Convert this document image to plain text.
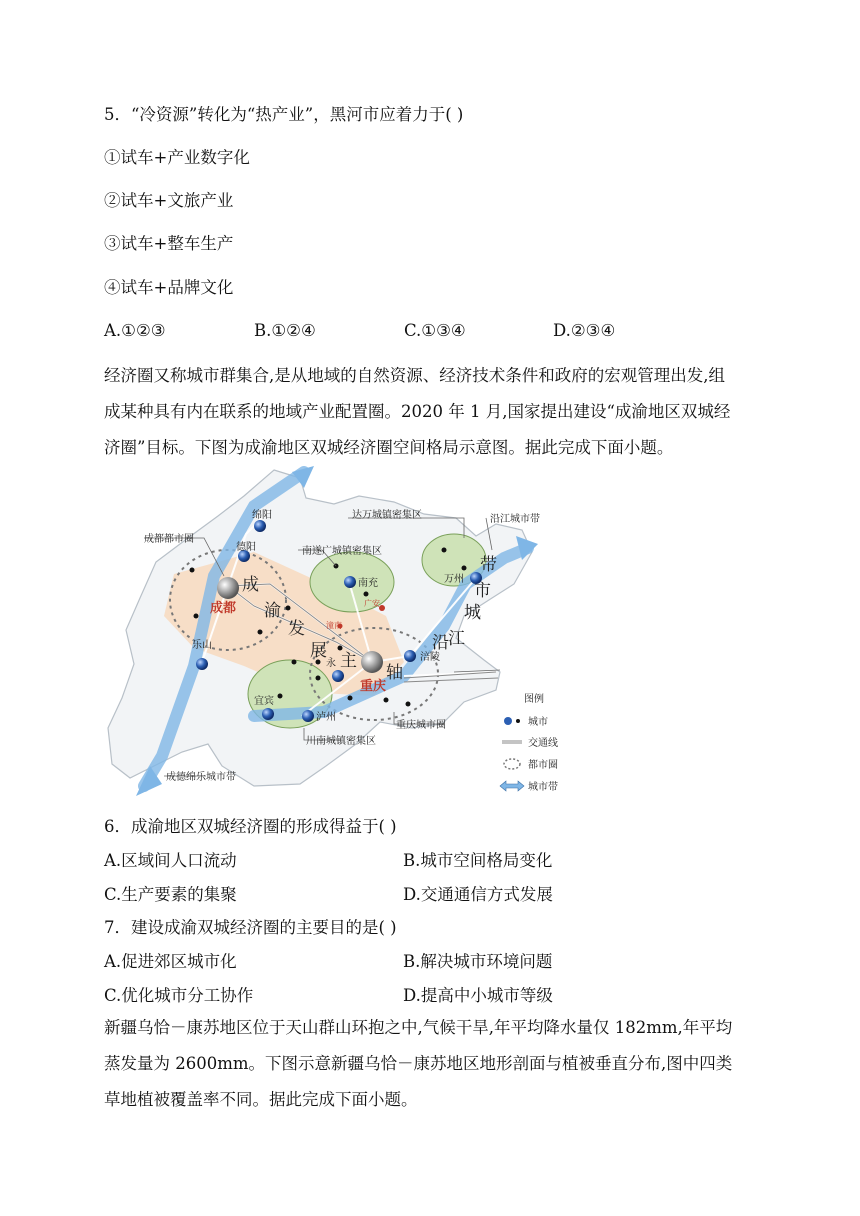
5．“冷资源”转化为“热产业”，黑河市应着力于( )
①试车+产业数字化
②试车+文旅产业
③试车+整车生产
④试车+品牌文化
A.①②③	B.①②④	C.①③④	D.②③④
经济圈又称城市群集合,是从地域的自然资源、经济技术条件和政府的宏观管理出发,组
成某种具有内在联系的地域产业配置圈。2020 年 1 月,国家提出建设“成渝地区双城经
济圈”目标。下图为成渝地区双城经济圈空间格局示意图。据此完成下面小题。
成都都市圈
绵阳
德阳
乐山
宜宾
泸州
永
涪陵
南充	万州
达万城镇密集区	沿江城市带
南遂广城镇密集区
重庆城市圈
川南城镇密集区
成德绵乐城市带
广安
潼南
成都
重庆
成
渝
发
展 主
轴
沿 江
城
市
带
图例
城市
交通线
都市圈
城市带
6．成渝地区双城经济圈的形成得益于( )
A.区域间人口流动	B.城市空间格局变化
C.生产要素的集聚	D.交通通信方式发展
7．建设成渝双城经济圈的主要目的是( )
A.促进郊区城市化	B.解决城市环境问题
C.优化城市分工协作	D.提高中小城市等级
新疆乌恰－康苏地区位于天山群山环抱之中,气候干旱,年平均降水量仅 182mm,年平均
蒸发量为 2600mm。下图示意新疆乌恰－康苏地区地形剖面与植被垂直分布,图中四类
草地植被覆盖率不同。据此完成下面小题。
